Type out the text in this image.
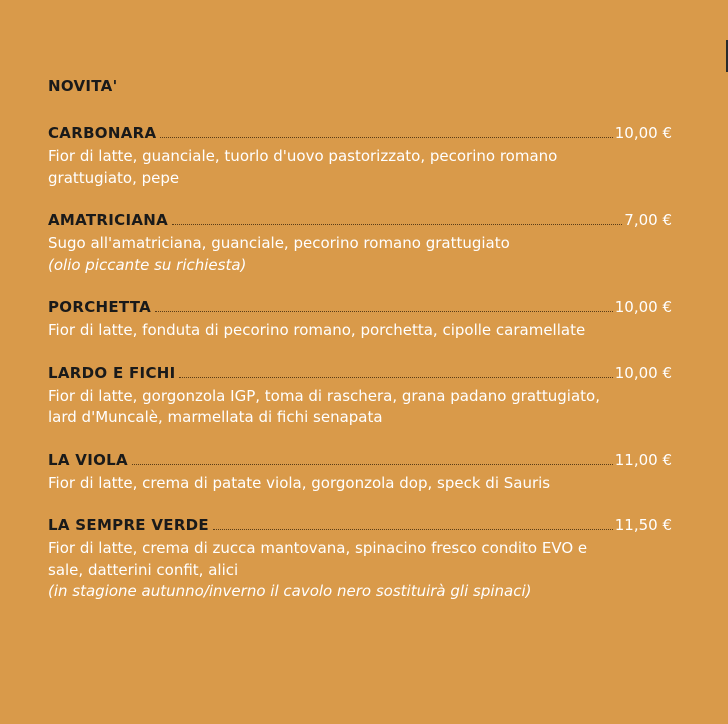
NOVITA'
CARBONARA	10,00 €
Fior di latte, guanciale, tuorlo d'uovo pastorizzato, pecorino romano grattugiato, pepe
AMATRICIANA	7,00 €
Sugo all'amatriciana, guanciale, pecorino romano grattugiato
(olio piccante su richiesta)
PORCHETTA	10,00 €
Fior di latte, fonduta di pecorino romano, porchetta, cipolle caramellate
LARDO E FICHI	10,00 €
Fior di latte, gorgonzola IGP, toma di raschera, grana padano grattugiato, lard d'Muncalè, marmellata di fichi senapata
LA VIOLA	11,00 €
Fior di latte, crema di patate viola, gorgonzola dop, speck di Sauris
LA SEMPRE VERDE	11,50 €
Fior di latte, crema di zucca mantovana, spinacino fresco condito EVO e sale, datterini confit, alici
(in stagione autunno/inverno il cavolo nero sostituirà gli spinaci)
